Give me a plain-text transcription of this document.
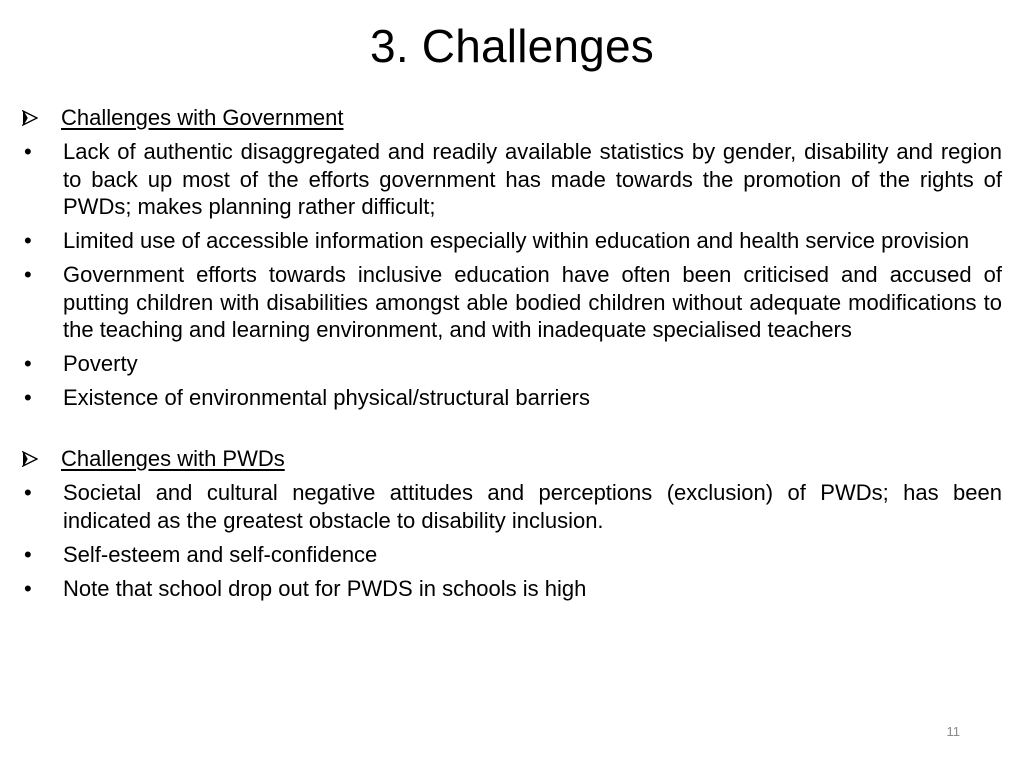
3. Challenges
Challenges with Government
•	Lack of authentic disaggregated and readily available statistics by gender, disability and region to back up most of the efforts government has made towards the promotion of the rights of PWDs; makes planning rather difficult;
•	Limited use of accessible information especially within education and health service provision
•	Government efforts towards inclusive education have often been criticised and accused of putting children with disabilities amongst able bodied children without adequate modifications to the teaching and learning environment, and with inadequate specialised teachers
•	Poverty
•	Existence of environmental physical/structural barriers
Challenges with PWDs
•	Societal and cultural negative attitudes and perceptions (exclusion) of PWDs; has been indicated as the greatest obstacle to disability inclusion.
•	Self-esteem and self-confidence
•	Note that school drop out for PWDS in schools is high
11
